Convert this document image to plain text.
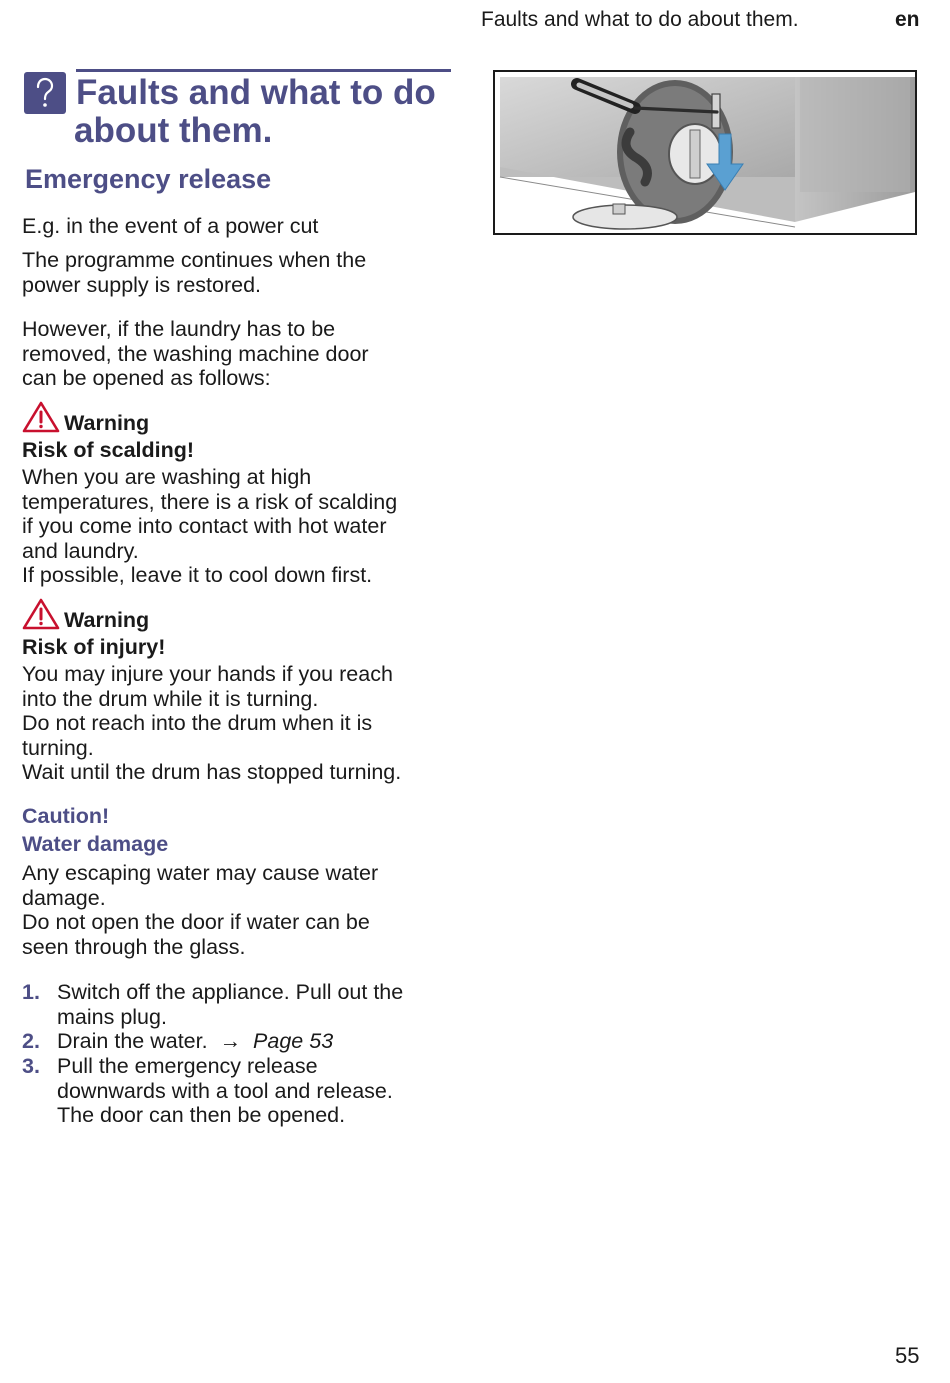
Faults and what to do about them.	en
Faults and what to do
about them.
Emergency release
E.g. in the event of a power cut
The programme continues when the
power supply is restored.
However, if the laundry has to be
removed, the washing machine door
can be opened as follows:
Warning
Risk of scalding!
When you are washing at high
temperatures, there is a risk of scalding
if you come into contact with hot water
and laundry.
If possible, leave it to cool down first.
Warning
Risk of injury!
You may injure your hands if you reach
into the drum while it is turning.
Do not reach into the drum when it is
turning.
Wait until the drum has stopped turning.
Caution!
Water damage
Any escaping water may cause water
damage.
Do not open the door if water can be
seen through the glass.
1. Switch off the appliance. Pull out the
mains plug.
2. Drain the water. → Page 53
3. Pull the emergency release
downwards with a tool and release.
The door can then be opened.
55
